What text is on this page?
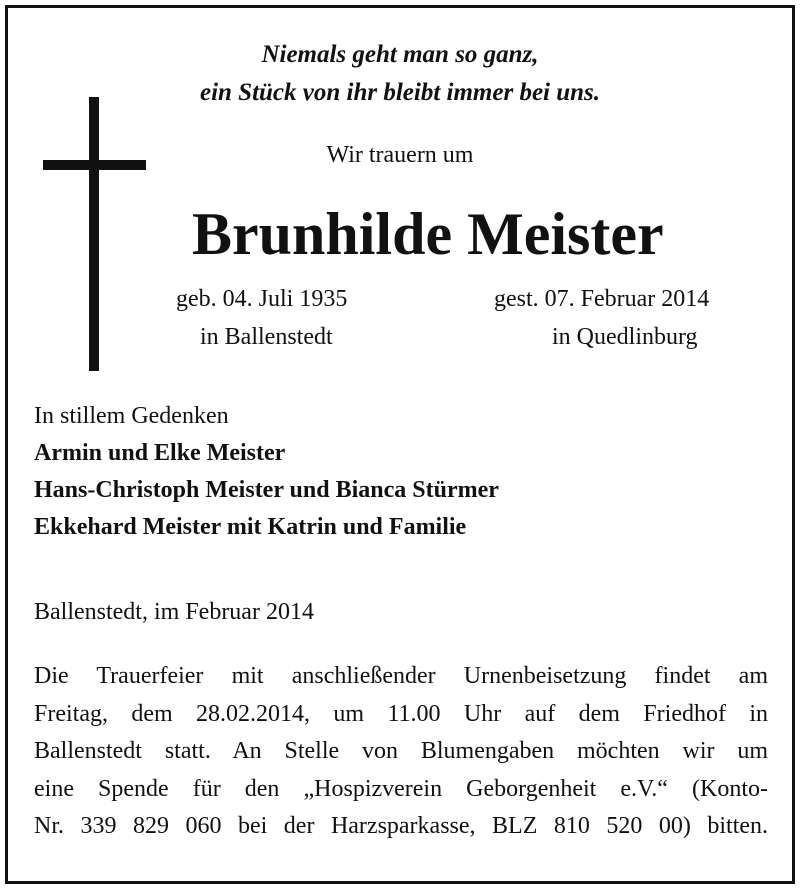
Niemals geht man so ganz,
ein Stück von ihr bleibt immer bei uns.
Wir trauern um
Brunhilde Meister
geb. 04. Juli 1935
in Ballenstedt
gest. 07. Februar 2014
in Quedlinburg
In stillem Gedenken
Armin und Elke Meister
Hans-Christoph Meister und Bianca Stürmer
Ekkehard Meister mit Katrin und Familie
Ballenstedt, im Februar 2014
Die Trauerfeier mit anschließender Urnenbeisetzung findet am
Freitag, dem 28.02.2014, um 11.00 Uhr auf dem Friedhof in
Ballenstedt statt. An Stelle von Blumengaben möchten wir um
eine Spende für den „Hospizverein Geborgenheit e.V.“ (Konto-
Nr. 339 829 060 bei der Harzsparkasse, BLZ 810 520 00) bitten.
